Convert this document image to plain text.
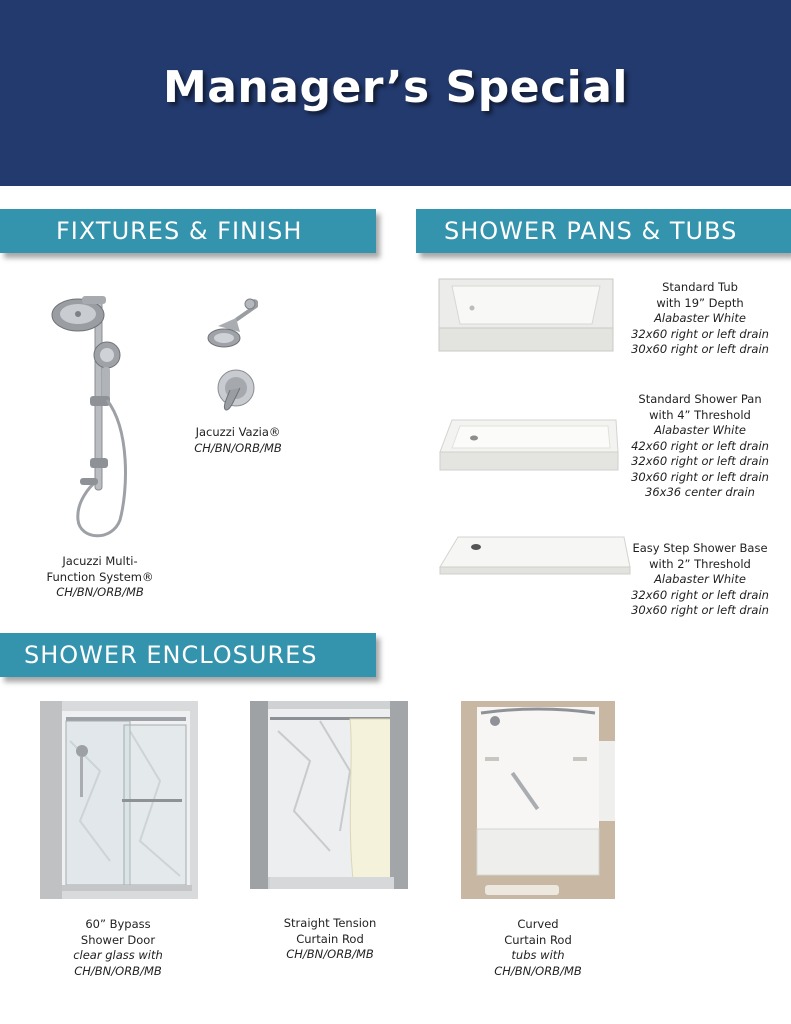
Manager’s Special
FIXTURES & FINISH	SHOWER PANS & TUBS
SHOWER ENCLOSURES
Jacuzzi Multi-
Function System®
CH/BN/ORB/MB
Jacuzzi Vazia®
CH/BN/ORB/MB
Standard Tub
with 19” Depth
Alabaster White
32x60 right or left drain
30x60 right or left drain
Standard Shower Pan
with 4” Threshold
Alabaster White
42x60 right or left drain
32x60 right or left drain
30x60 right or left drain
36x36 center drain
Easy Step Shower Base
with 2” Threshold
Alabaster White
32x60 right or left drain
30x60 right or left drain
60” Bypass
Shower Door
clear glass with
CH/BN/ORB/MB
Straight Tension
Curtain Rod
CH/BN/ORB/MB
Curved
Curtain Rod
tubs with
CH/BN/ORB/MB
